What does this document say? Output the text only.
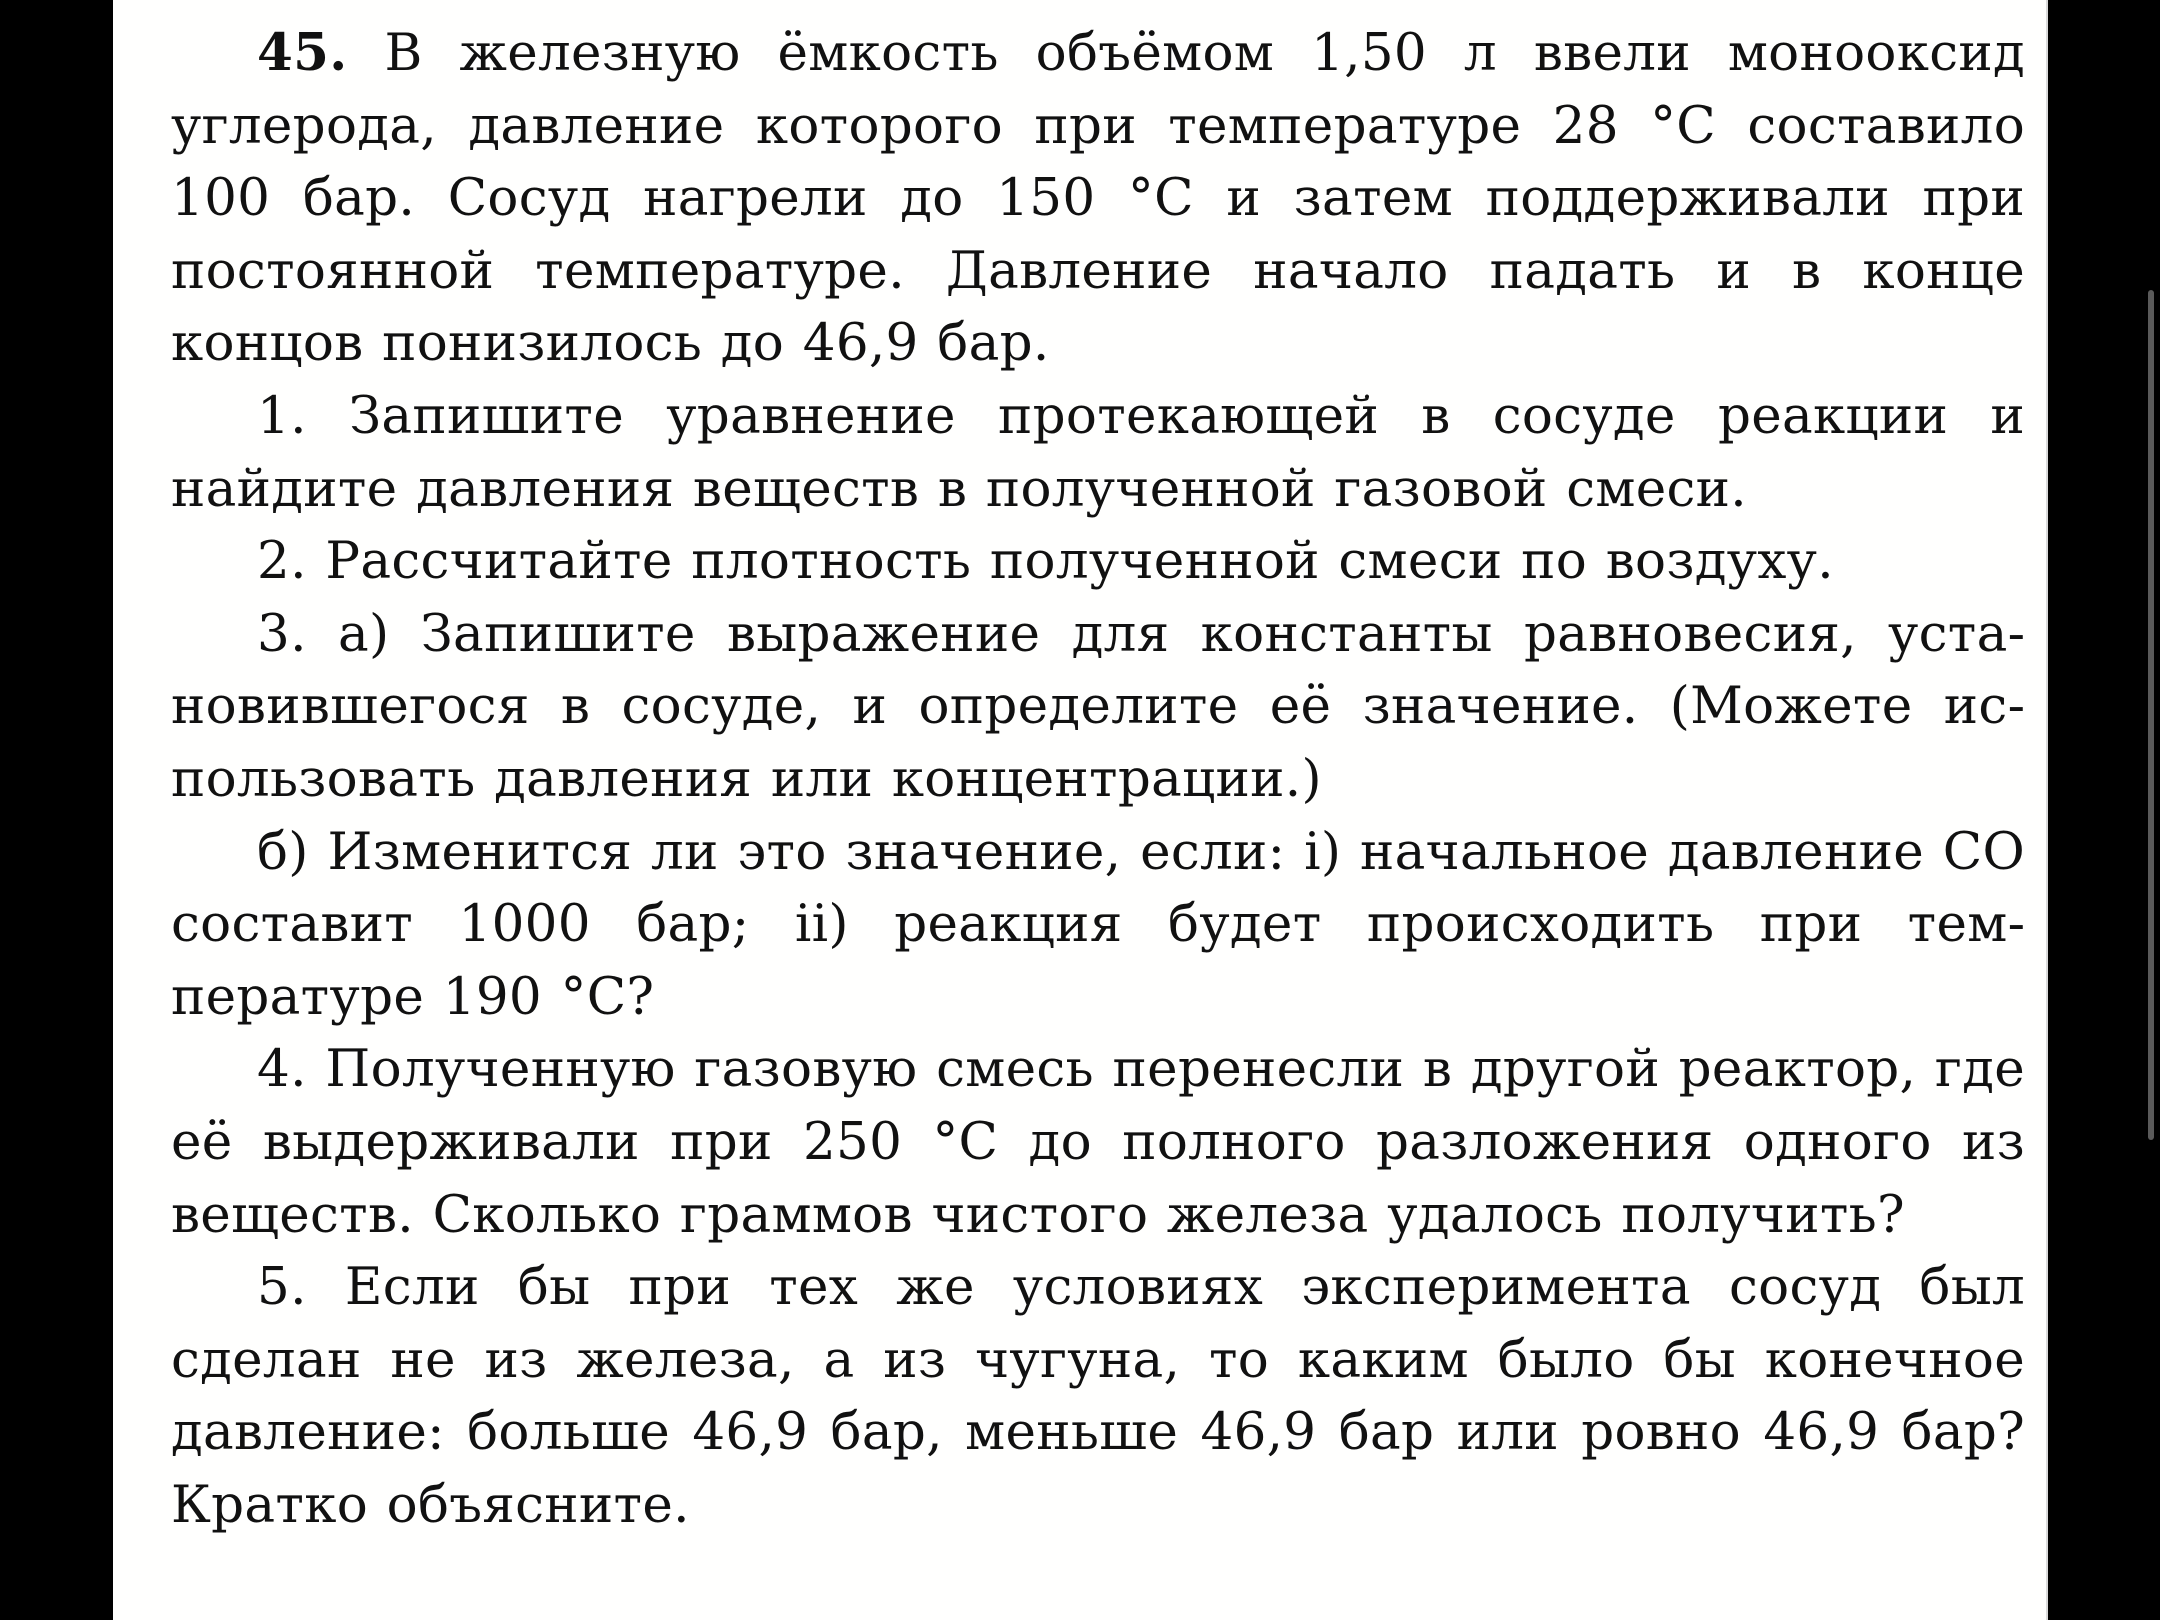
45. В железную ёмкость объёмом 1,50 л ввели монооксид углерода, давление которого при температуре 28 °С составило 100 бар. Сосуд нагрели до 150 °С и затем поддерживали при постоянной температуре. Давление начало падать и в конце концов понизилось до 46,9 бар.

1. Запишите уравнение протекающей в сосуде реакции и найдите давления веществ в полученной газовой смеси.

2. Рассчитайте плотность полученной смеси по воздуху.

3. а) Запишите выражение для константы равновесия, установившегося в сосуде, и определите её значение. (Можете использовать давления или концентрации.)

б) Изменится ли это значение, если: i) начальное давление СО составит 1000 бар; ii) реакция будет происходить при температуре 190 °С?

4. Полученную газовую смесь перенесли в другой реактор, где её выдерживали при 250 °С до полного разложения одного из веществ. Сколько граммов чистого железа удалось получить?

5. Если бы при тех же условиях эксперимента сосуд был сделан не из железа, а из чугуна, то каким было бы конечное давление: больше 46,9 бар, меньше 46,9 бар или ровно 46,9 бар? Кратко объясните.
